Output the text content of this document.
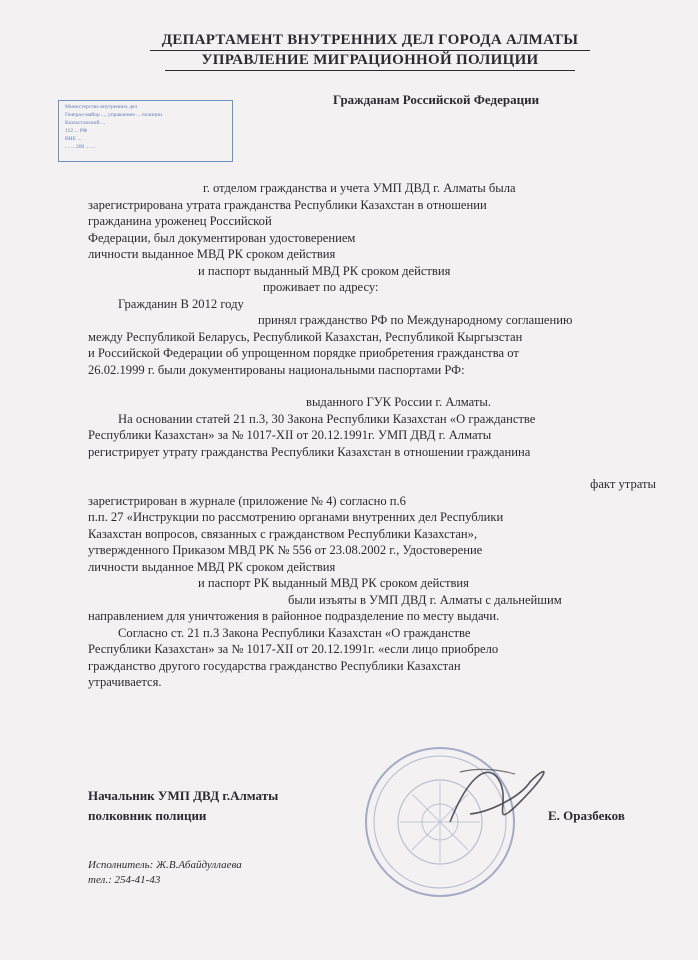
ДЕПАРТАМЕНТ ВНУТРЕННИХ ДЕЛ ГОРОДА АЛМАТЫ
УПРАВЛЕНИЕ МИГРАЦИОННОЙ ПОЛИЦИИ
Министерство внутренних дел
Генерал-майор ..., управление ... полиции
Казахстанский ...
112 ... РФ
ВНЕ ...
... ... 200 ... ...
Гражданам Российской Федерации

г. отделом гражданства и учета УМП ДВД г. Алматы была

зарегистрирована утрата гражданства Республики Казахстан в отношении

гражданина уроженец Российской

Федерации, был документирован удостоверением

личности выданное МВД РК сроком действия

и паспорт выданный МВД РК сроком действия

проживает по адресу:

Гражданин В 2012 году

принял гражданство РФ по Международному соглашению

между Республикой Беларусь, Республикой Казахстан, Республикой Кыргызстан

и Российской Федерации об упрощенном порядке приобретения гражданства от

26.02.1999 г. были документированы национальными паспортами РФ:

выданного ГУК России г. Алматы.

На основании статей 21 п.3, 30 Закона Республики Казахстан «О гражданстве

Республики Казахстан» за № 1017-XII от 20.12.1991г. УМП ДВД г. Алматы

регистрирует утрату гражданства Республики Казахстан в отношении гражданина

факт утраты

зарегистрирован в журнале (приложение № 4) согласно п.6

п.п. 27 «Инструкции по рассмотрению органами внутренних дел Республики

Казахстан вопросов, связанных с гражданством Республики Казахстан»,

утвержденного Приказом МВД РК № 556 от 23.08.2002 г., Удостоверение

личности выданное МВД РК сроком действия

и паспорт РК выданный МВД РК сроком действия

были изъяты в УМП ДВД г. Алматы с дальнейшим

направлением для уничтожения в районное подразделение по месту выдачи.

Согласно ст. 21 п.3 Закона Республики Казахстан «О гражданстве

Республики Казахстан» за № 1017-XII от 20.12.1991г. «если лицо приобрело

гражданство другого государства гражданство Республики Казахстан

утрачивается.

Начальник УМП ДВД г.Алматы
полковник полиции	Е. Оразбеков
Исполнитель: Ж.В.Абайдуллаева
тел.: 254-41-43
